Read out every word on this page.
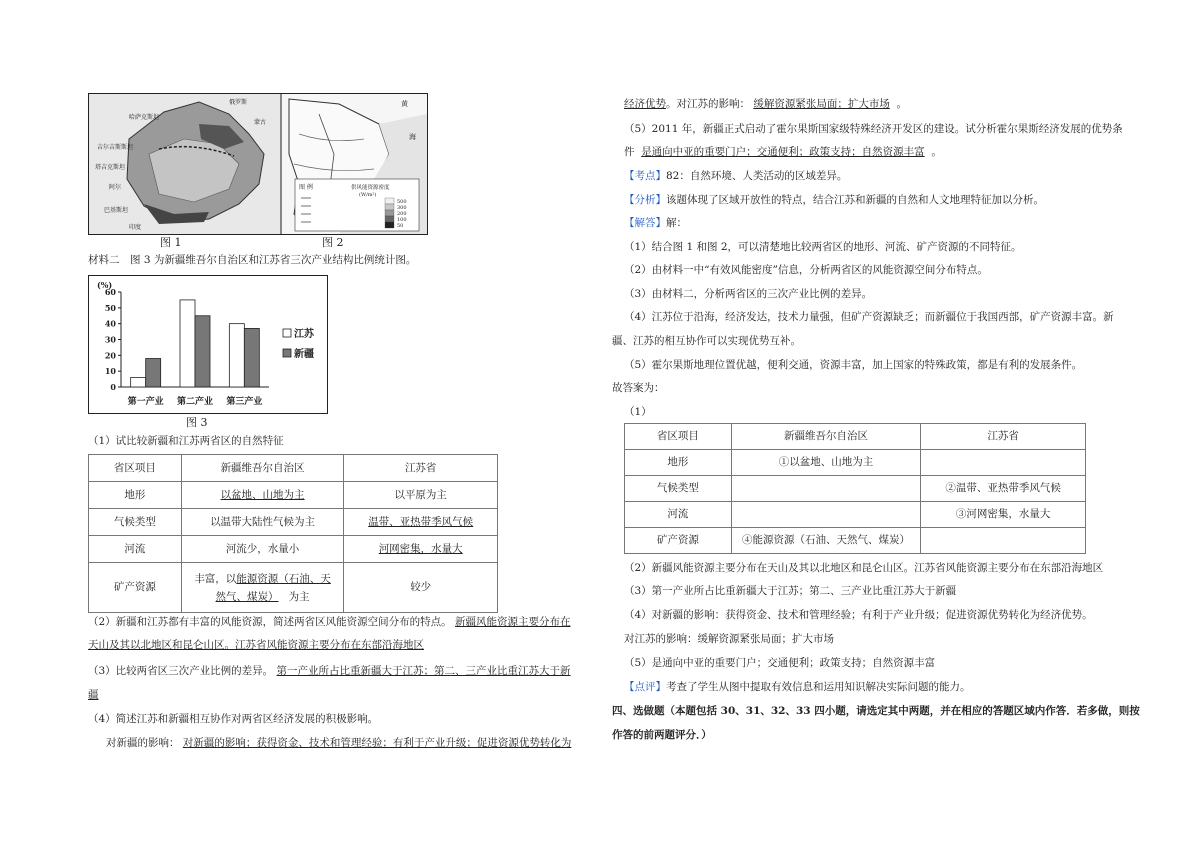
哈萨克斯坦
俄罗斯
蒙古
吉尔吉斯斯坦
塔吉克斯坦
阿尔
巴基斯坦
印度
黄
海
图 例	供风能资源密度
(W/m²)
500
300
200
100
50
图 1	图 2
材料二　图 3 为新疆维吾尔自治区和江苏省三次产业结构比例统计图。
(%)
0
10
20
30
40
50
60
第一产业 第二产业 第三产业
江苏
新疆
图 3
（1）试比较新疆和江苏两省区的自然特征
省区项目	新疆维吾尔自治区	江苏省
地形	以盆地、山地为主	以平原为主
气候类型	以温带大陆性气候为主	温带、亚热带季风气候
河流	河流少，水量小	河网密集，水量大
矿产资源	丰富，以能源资源（石油、天
然气、煤炭） 为主	较少
（2）新疆和江苏都有丰富的风能资源，简述两省区风能资源空间分布的特点。 新疆风能资源主要分布在
天山及其以北地区和昆仑山区。江苏省风能资源主要分布在东部沿海地区
（3）比较两省区三次产业比例的差异。 第一产业所占比重新疆大于江苏；第二、三产业比重江苏大于新
疆
（4）简述江苏和新疆相互协作对两省区经济发展的积极影响。
对新疆的影响： 对新疆的影响；获得资金、技术和管理经验；有利于产业升级；促进资源优势转化为
经济优势。对江苏的影响： 缓解资源紧张局面；扩大市场 。
（5）2011 年，新疆正式启动了霍尔果斯国家级特殊经济开发区的建设。试分析霍尔果斯经济发展的优势条
件 是通向中亚的重要门户；交通便利；政策支持；自然资源丰富 。
【考点】82：自然环境、人类活动的区域差异。
【分析】该题体现了区域开放性的特点，结合江苏和新疆的自然和人文地理特征加以分析。
【解答】解：
（1）结合图 1 和图 2，可以清楚地比较两省区的地形、河流、矿产资源的不同特征。
（2）由材料一中“有效风能密度”信息，分析两省区的风能资源空间分布特点。
（3）由材料二，分析两省区的三次产业比例的差异。
（4）江苏位于沿海，经济发达，技术力量强，但矿产资源缺乏；而新疆位于我国西部，矿产资源丰富。新
疆、江苏的相互协作可以实现优势互补。
（5）霍尔果斯地理位置优越，便利交通，资源丰富，加上国家的特殊政策，都是有利的发展条件。
故答案为：
（1）
省区项目	新疆维吾尔自治区	江苏省
地形	①以盆地、山地为主	
气候类型		②温带、亚热带季风气候
河流		③河网密集，水量大
矿产资源	④能源资源（石油、天然气、煤炭）	
（2）新疆风能资源主要分布在天山及其以北地区和昆仑山区。江苏省风能资源主要分布在东部沿海地区
（3）第一产业所占比重新疆大于江苏；第二、三产业比重江苏大于新疆
（4）对新疆的影响：获得资金、技术和管理经验；有利于产业升级；促进资源优势转化为经济优势。
对江苏的影响：缓解资源紧张局面；扩大市场
（5）是通向中亚的重要门户；交通便利；政策支持；自然资源丰富
【点评】考查了学生从图中提取有效信息和运用知识解决实际问题的能力。
四、选做题（本题包括 30、31、32、33 四小题，请选定其中两题，并在相应的答题区域内作答．若多做，则按
作答的前两题评分．）
